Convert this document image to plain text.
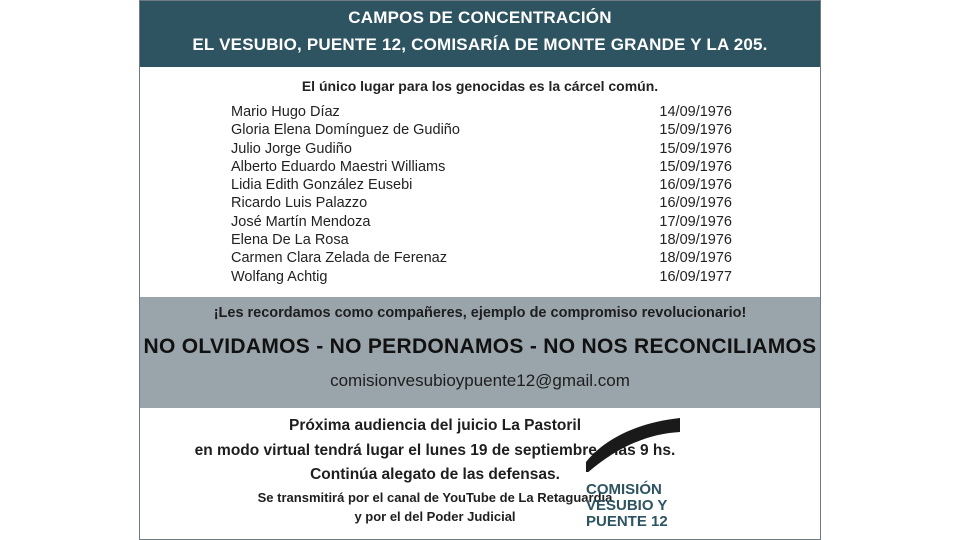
CAMPOS DE CONCENTRACIÓN
EL VESUBIO, PUENTE 12, COMISARÍA DE MONTE GRANDE Y LA 205.
El único lugar para los genocidas es la cárcel común.
Mario Hugo Díaz	14/09/1976
Gloria Elena Domínguez de Gudiño	15/09/1976
Julio Jorge Gudiño	15/09/1976
Alberto Eduardo Maestri Williams	15/09/1976
Lidia Edith González Eusebi	16/09/1976
Ricardo Luis Palazzo	16/09/1976
José Martín Mendoza	17/09/1976
Elena De La Rosa	18/09/1976
Carmen Clara Zelada de Ferenaz	18/09/1976
Wolfang Achtig	16/09/1977
¡Les recordamos como compañeres, ejemplo de compromiso revolucionario!
NO OLVIDAMOS - NO PERDONAMOS - NO NOS RECONCILIAMOS
comisionvesubioypuente12@gmail.com
Próxima audiencia del juicio La Pastoril
en modo virtual tendrá lugar el lunes 19 de septiembre a las 9 hs.
Continúa alegato de las defensas.
Se transmitirá por el canal de YouTube de La Retaguardia
y por el del Poder Judicial
COMISIÓN
VESUBIO Y
PUENTE 12
